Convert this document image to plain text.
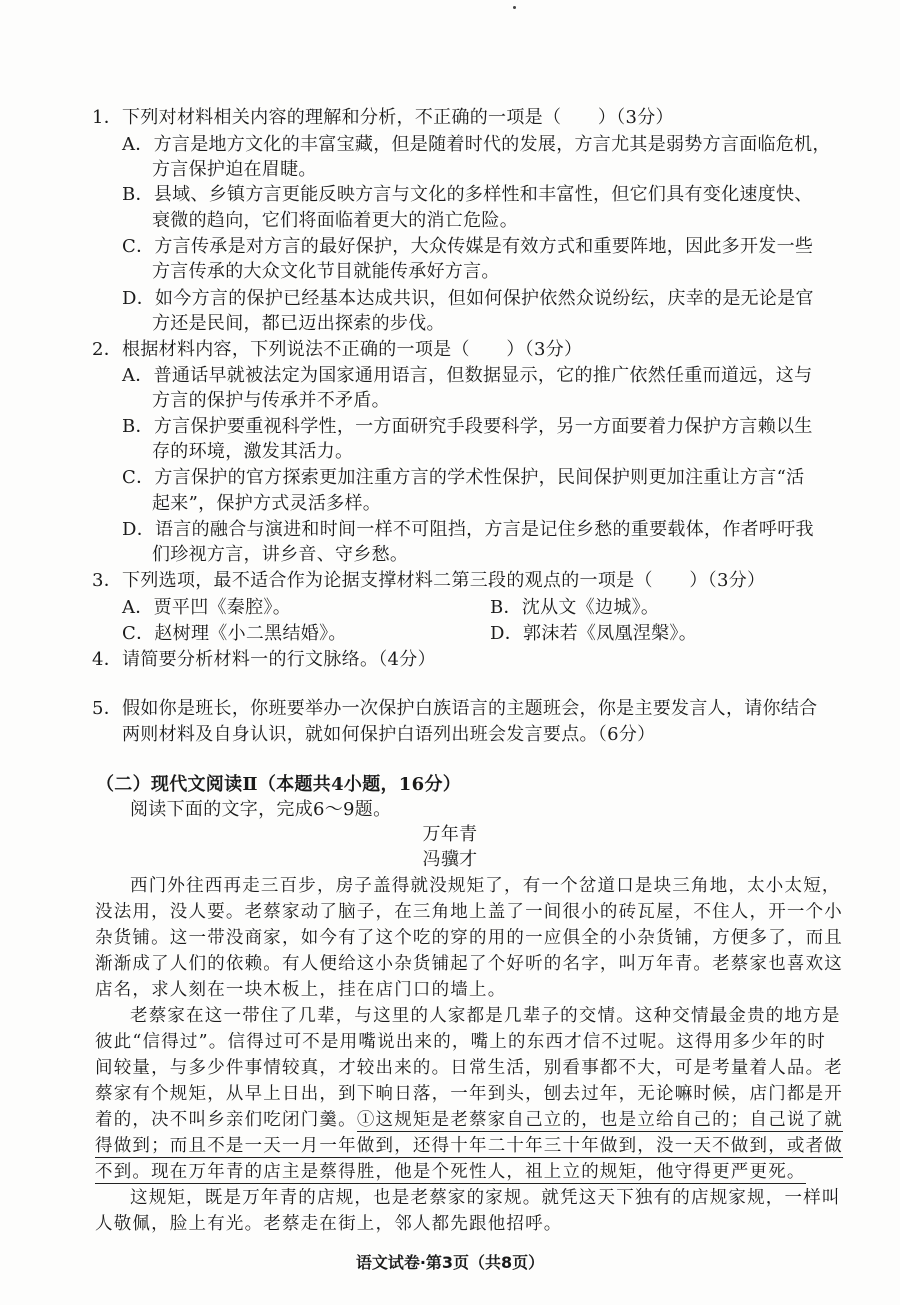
1．下列对材料相关内容的理解和分析，不正确的一项是（　　）（3分）
A．方言是地方文化的丰富宝藏，但是随着时代的发展，方言尤其是弱势方言面临危机，
方言保护迫在眉睫。
B．县域、乡镇方言更能反映方言与文化的多样性和丰富性，但它们具有变化速度快、
衰微的趋向，它们将面临着更大的消亡危险。
C．方言传承是对方言的最好保护，大众传媒是有效方式和重要阵地，因此多开发一些
方言传承的大众文化节目就能传承好方言。
D．如今方言的保护已经基本达成共识，但如何保护依然众说纷纭，庆幸的是无论是官
方还是民间，都已迈出探索的步伐。
2．根据材料内容，下列说法不正确的一项是（　　）（3分）
A．普通话早就被法定为国家通用语言，但数据显示，它的推广依然任重而道远，这与
方言的保护与传承并不矛盾。
B．方言保护要重视科学性，一方面研究手段要科学，另一方面要着力保护方言赖以生
存的环境，激发其活力。
C．方言保护的官方探索更加注重方言的学术性保护，民间保护则更加注重让方言“活
起来”，保护方式灵活多样。
D．语言的融合与演进和时间一样不可阻挡，方言是记住乡愁的重要载体，作者呼吁我
们珍视方言，讲乡音、守乡愁。
3．下列选项，最不适合作为论据支撑材料二第三段的观点的一项是（　　）（3分）
A．贾平凹《秦腔》。	B．沈从文《边城》。
C．赵树理《小二黑结婚》。	D．郭沫若《凤凰涅槃》。
4．请简要分析材料一的行文脉络。（4分）
5．假如你是班长，你班要举办一次保护白族语言的主题班会，你是主要发言人，请你结合
两则材料及自身认识，就如何保护白语列出班会发言要点。（6分）
（二）现代文阅读Ⅱ（本题共4小题，16分）
阅读下面的文字，完成6～9题。
万年青
冯骥才
西门外往西再走三百步，房子盖得就没规矩了，有一个岔道口是块三角地，太小太短，
没法用，没人要。老蔡家动了脑子，在三角地上盖了一间很小的砖瓦屋，不住人，开一个小
杂货铺。这一带没商家，如今有了这个吃的穿的用的一应俱全的小杂货铺，方便多了，而且
渐渐成了人们的依赖。有人便给这小杂货铺起了个好听的名字，叫万年青。老蔡家也喜欢这
店名，求人刻在一块木板上，挂在店门口的墙上。
老蔡家在这一带住了几辈，与这里的人家都是几辈子的交情。这种交情最金贵的地方是
彼此“信得过”。信得过可不是用嘴说出来的，嘴上的东西才信不过呢。这得用多少年的时
间较量，与多少件事情较真，才较出来的。日常生活，别看事都不大，可是考量着人品。老
蔡家有个规矩，从早上日出，到下晌日落，一年到头，刨去过年，无论嘛时候，店门都是开
着的，决不叫乡亲们吃闭门羹。①这规矩是老蔡家自己立的，也是立给自己的；自己说了就
得做到；而且不是一天一月一年做到，还得十年二十年三十年做到，没一天不做到，或者做
不到。现在万年青的店主是蔡得胜，他是个死性人，祖上立的规矩，他守得更严更死。
这规矩，既是万年青的店规，也是老蔡家的家规。就凭这天下独有的店规家规，一样叫
人敬佩，脸上有光。老蔡走在街上，邻人都先跟他招呼。
语文试卷·第3页（共8页）
